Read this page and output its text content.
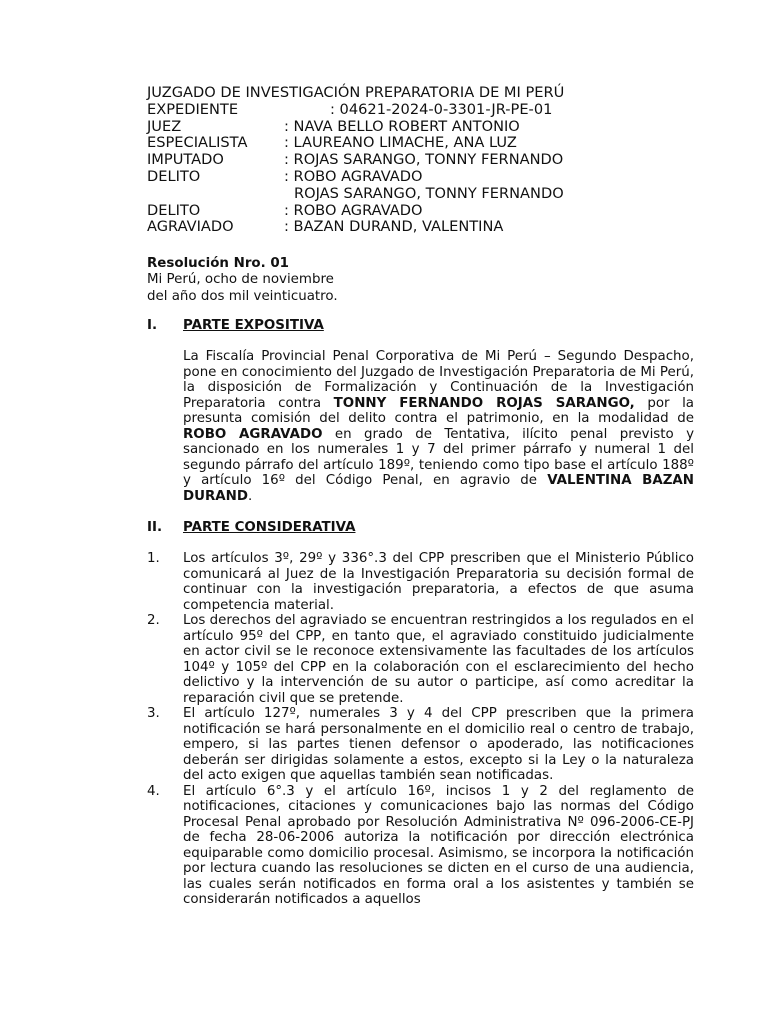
JUZGADO DE INVESTIGACIÓN PREPARATORIA DE MI PERÚ
EXPEDIENTE	: 04621-2024-0-3301-JR-PE-01
JUEZ	: NAVA BELLO ROBERT ANTONIO
ESPECIALISTA	: LAUREANO LIMACHE, ANA LUZ
IMPUTADO	: ROJAS SARANGO, TONNY FERNANDO
DELITO	: ROBO AGRAVADO
ROJAS SARANGO, TONNY FERNANDO
DELITO	: ROBO AGRAVADO
AGRAVIADO	: BAZAN DURAND, VALENTINA
Resolución Nro. 01
Mi Perú, ocho de noviembre
del año dos mil veinticuatro.
I. PARTE EXPOSITIVA
La Fiscalía Provincial Penal Corporativa de Mi Perú – Segundo Despacho, pone en conocimiento del Juzgado de Investigación Preparatoria de Mi Perú, la disposición de Formalización y Continuación de la Investigación Preparatoria contra TONNY FERNANDO ROJAS SARANGO, por la presunta comisión del delito contra el patrimonio, en la modalidad de ROBO AGRAVADO en grado de Tentativa, ilícito penal previsto y sancionado en los numerales 1 y 7 del primer párrafo y numeral 1 del segundo párrafo del artículo 189º, teniendo como tipo base el artículo 188º y artículo 16º del Código Penal, en agravio de VALENTINA BAZAN DURAND.
II. PARTE CONSIDERATIVA
1. Los artículos 3º, 29º y 336°.3 del CPP prescriben que el Ministerio Público comunicará al Juez de la Investigación Preparatoria su decisión formal de continuar con la investigación preparatoria, a efectos de que asuma competencia material.
2. Los derechos del agraviado se encuentran restringidos a los regulados en el artículo 95º del CPP, en tanto que, el agraviado constituido judicialmente en actor civil se le reconoce extensivamente las facultades de los artículos 104º y 105º del CPP en la colaboración con el esclarecimiento del hecho delictivo y la intervención de su autor o participe, así como acreditar la reparación civil que se pretende.
3. El artículo 127º, numerales 3 y 4 del CPP prescriben que la primera notificación se hará personalmente en el domicilio real o centro de trabajo, empero, si las partes tienen defensor o apoderado, las notificaciones deberán ser dirigidas solamente a estos, excepto si la Ley o la naturaleza del acto exigen que aquellas también sean notificadas.
4. El artículo 6°.3 y el artículo 16º, incisos 1 y 2 del reglamento de notificaciones, citaciones y comunicaciones bajo las normas del Código Procesal Penal aprobado por Resolución Administrativa Nº 096-2006-CE-PJ de fecha 28-06-2006 autoriza la notificación por dirección electrónica equiparable como domicilio procesal. Asimismo, se incorpora la notificación por lectura cuando las resoluciones se dicten en el curso de una audiencia, las cuales serán notificados en forma oral a los asistentes y también se considerarán notificados a aquellos
